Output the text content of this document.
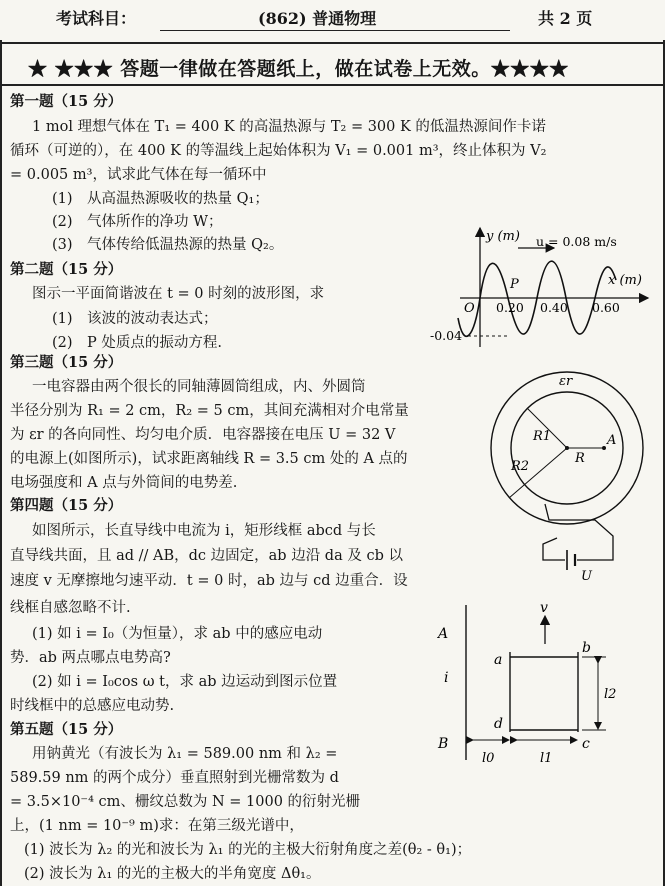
考试科目：	(862) 普通物理	共 2 页
★ ★★★ 答题一律做在答题纸上，做在试卷上无效。★★★★
第一题（15 分）
1 mol 理想气体在 T₁ = 400 K 的高温热源与 T₂ = 300 K 的低温热源间作卡诺
循环（可逆的），在 400 K 的等温线上起始体积为 V₁ = 0.001 m³，终止体积为 V₂
= 0.005 m³，试求此气体在每一循环中
(1)　从高温热源吸收的热量 Q₁；
(2)　气体所作的净功 W；
(3)　气体传给低温热源的热量 Q₂。
第二题（15 分）
图示一平面简谐波在 t = 0 时刻的波形图，求
(1)　该波的波动表达式；
(2)　P 处质点的振动方程.
y (m)
x (m)
u = 0.08 m/s
O
P
0.20 0.40 0.60
-0.04
第三题（15 分）
一电容器由两个很长的同轴薄圆筒组成，内、外圆筒
半径分别为 R₁ = 2 cm，R₂ = 5 cm，其间充满相对介电常量
为 εr 的各向同性、均匀电介质．电容器接在电压 U = 32 V
的电源上(如图所示)，试求距离轴线 R = 3.5 cm 处的 A 点的
电场强度和 A 点与外筒间的电势差.
εr
R1
R2
R
A
U
第四题（15 分）
如图所示，长直导线中电流为 i，矩形线框 abcd 与长
直导线共面，且 ad // AB，dc 边固定，ab 边沿 da 及 cb 以
速度 v 无摩擦地匀速平动．t = 0 时，ab 边与 cd 边重合．设
线框自感忽略不计.
(1) 如 i = I₀（为恒量），求 ab 中的感应电动
势．ab 两点哪点电势高?
(2) 如 i = I₀cos ω t，求 ab 边运动到图示位置
时线框中的总感应电动势.
A
B
i
v
a
b
c
d
l0	l1
l2
第五题（15 分）
用钠黄光（有波长为 λ₁ = 589.00 nm 和 λ₂ =
589.59 nm 的两个成分）垂直照射到光栅常数为 d
= 3.5×10⁻⁴ cm、栅纹总数为 N = 1000 的衍射光栅
上，(1 nm = 10⁻⁹ m)求：在第三级光谱中，
(1) 波长为 λ₂ 的光和波长为 λ₁ 的光的主极大衍射角度之差(θ₂ - θ₁)；
(2) 波长为 λ₁ 的光的主极大的半角宽度 Δθ₁。
